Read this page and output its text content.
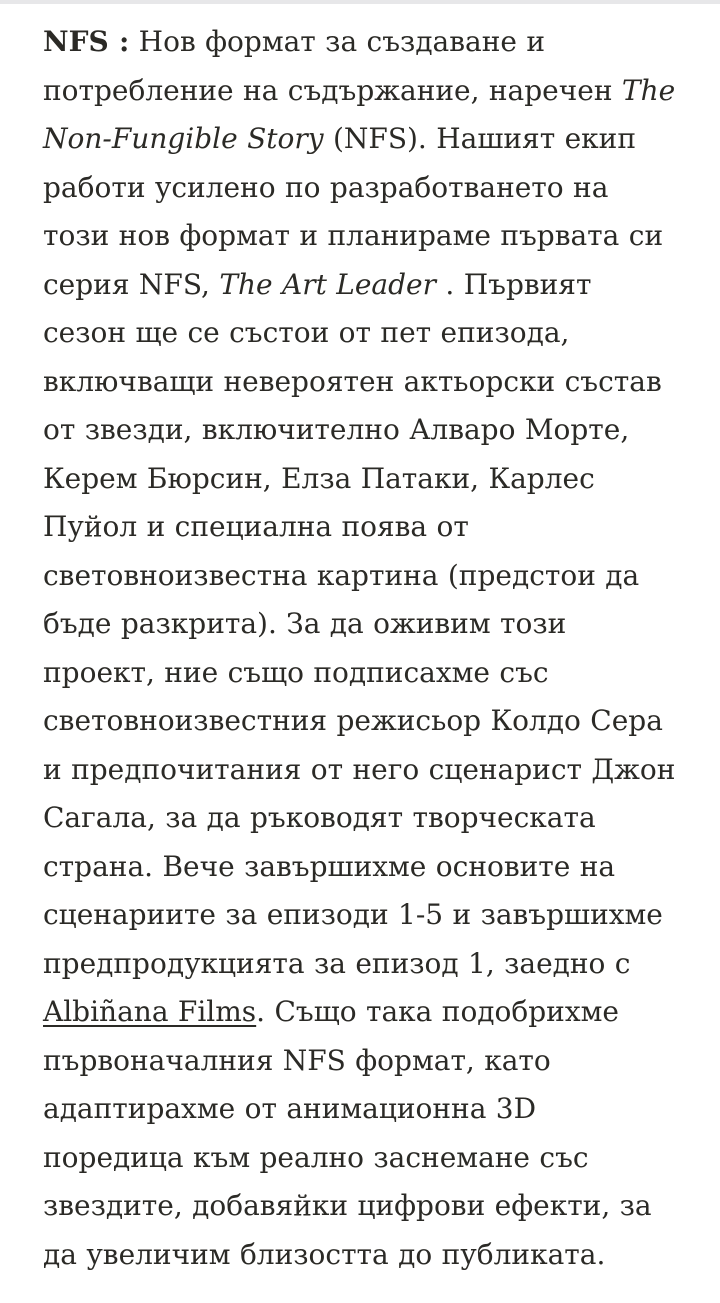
NFS : Нов формат за създаване и потребление на съдържание, наречен The Non-Fungible Story (NFS). Нашият екип работи усилено по разработването на този нов формат и планираме първата си серия NFS, The Art Leader . Първият сезон ще се състои от пет епизода, включващи невероятен актьорски състав от звезди, включително Алваро Морте, Керем Бюрсин, Елза Патаки, Карлес Пуйол и специална поява от световноизвестна картина (предстои да бъде разкрита). За да оживим този проект, ние също подписахме със световноизвестния режисьор Колдо Сера и предпочитания от него сценарист Джон Сагала, за да ръководят творческата страна. Вече завършихме основите на сценариите за епизоди 1-5 и завършихме предпродукцията за епизод 1, заедно с Albiñana Films. Също така подобрихме първоначалния NFS формат, като адаптирахме от анимационна 3D поредица към реално заснемане със звездите, добавяйки цифрови ефекти, за да увеличим близостта до публиката.
